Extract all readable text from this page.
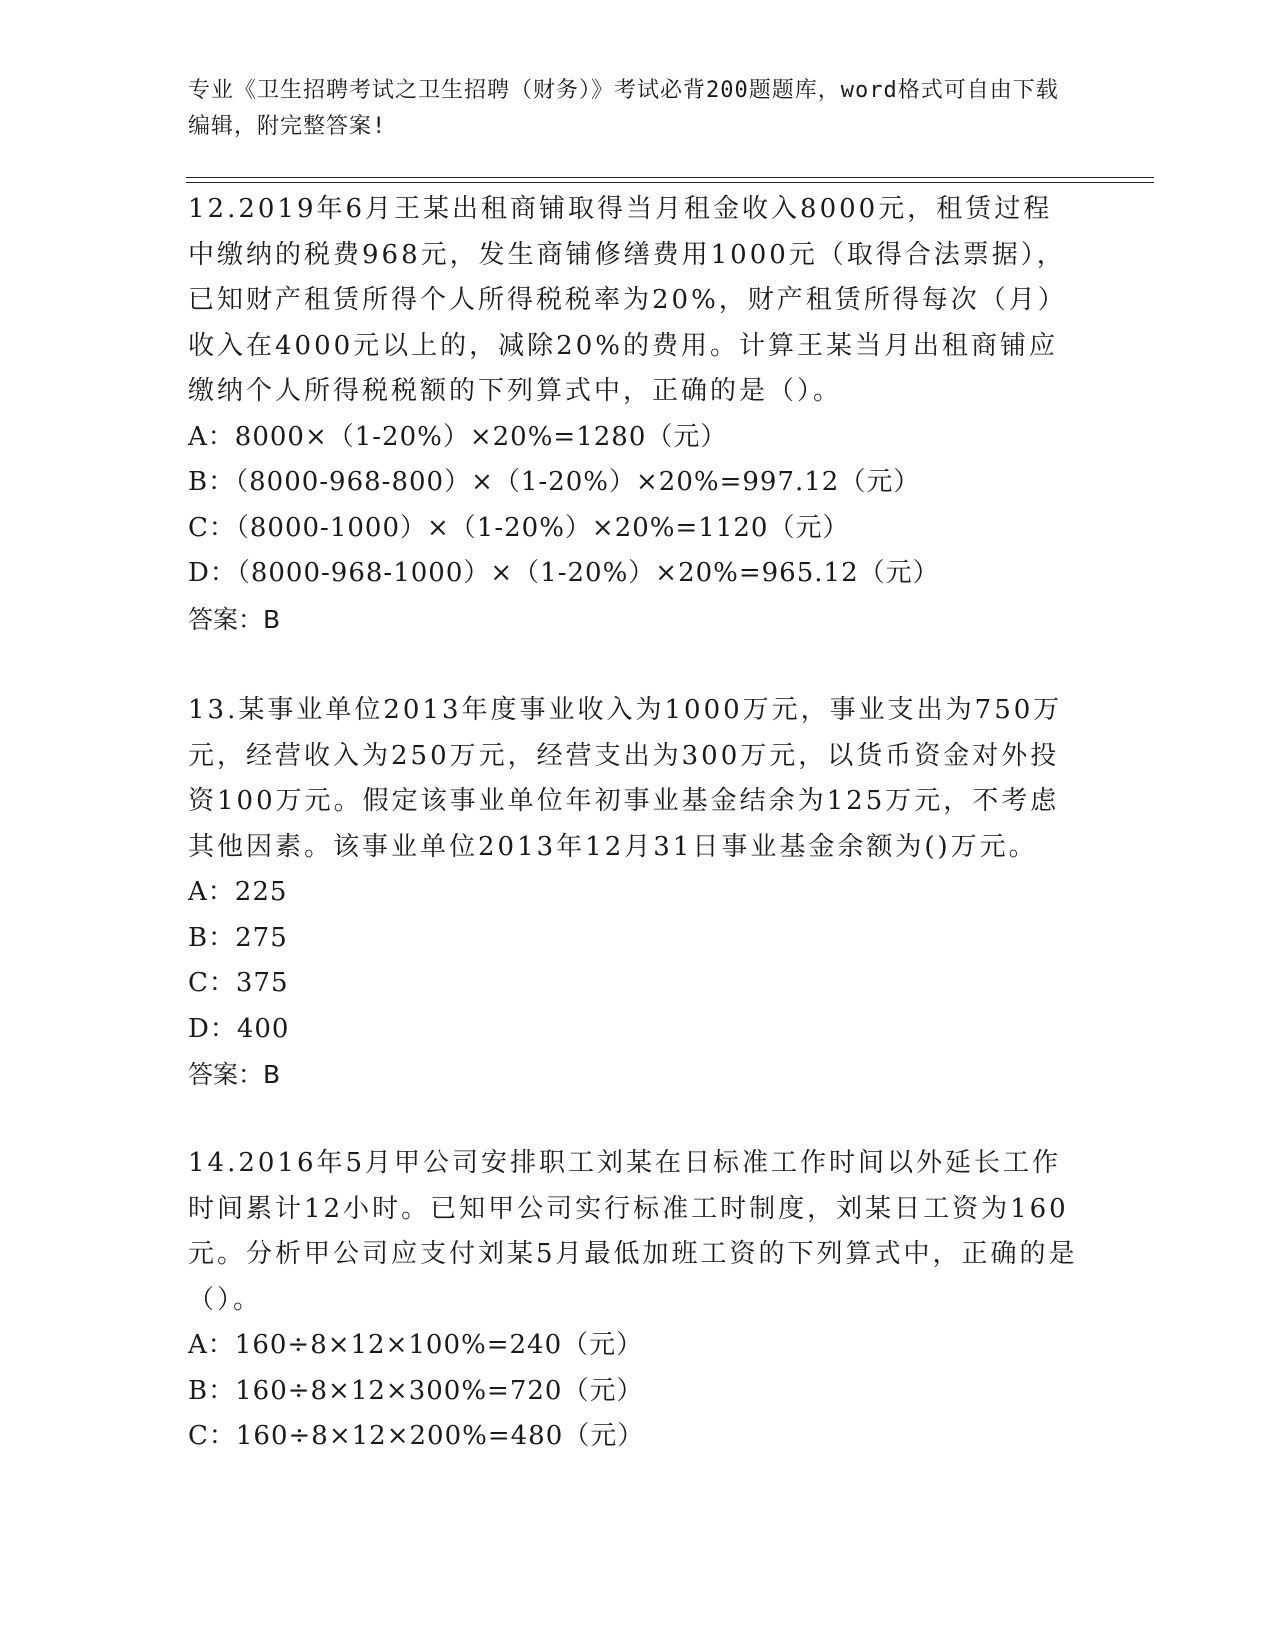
专业《卫生招聘考试之卫生招聘（财务）》考试必背200题题库，word格式可自由下载编辑，附完整答案!

12.2019年6月王某出租商铺取得当月租金收入8000元，租赁过程中缴纳的税费968元，发生商铺修缮费用1000元（取得合法票据），已知财产租赁所得个人所得税税率为20%，财产租赁所得每次（月）收入在4000元以上的，减除20%的费用。计算王某当月出租商铺应缴纳个人所得税税额的下列算式中，正确的是（）。

A：8000×（1-20%）×20%=1280（元）

B：（8000-968-800）×（1-20%）×20%=997.12（元）

C：（8000-1000）×（1-20%）×20%=1120（元）

D：（8000-968-1000）×（1-20%）×20%=965.12（元）

答案：B

13.某事业单位2013年度事业收入为1000万元，事业支出为750万元，经营收入为250万元，经营支出为300万元，以货币资金对外投资100万元。假定该事业单位年初事业基金结余为125万元，不考虑其他因素。该事业单位2013年12月31日事业基金余额为()万元。

A：225

B：275

C：375

D：400

答案：B

14.2016年5月甲公司安排职工刘某在日标准工作时间以外延长工作时间累计12小时。已知甲公司实行标准工时制度，刘某日工资为160元。分析甲公司应支付刘某5月最低加班工资的下列算式中，正确的是（）。

A：160÷8×12×100%=240（元）

B：160÷8×12×300%=720（元）

C：160÷8×12×200%=480（元）
